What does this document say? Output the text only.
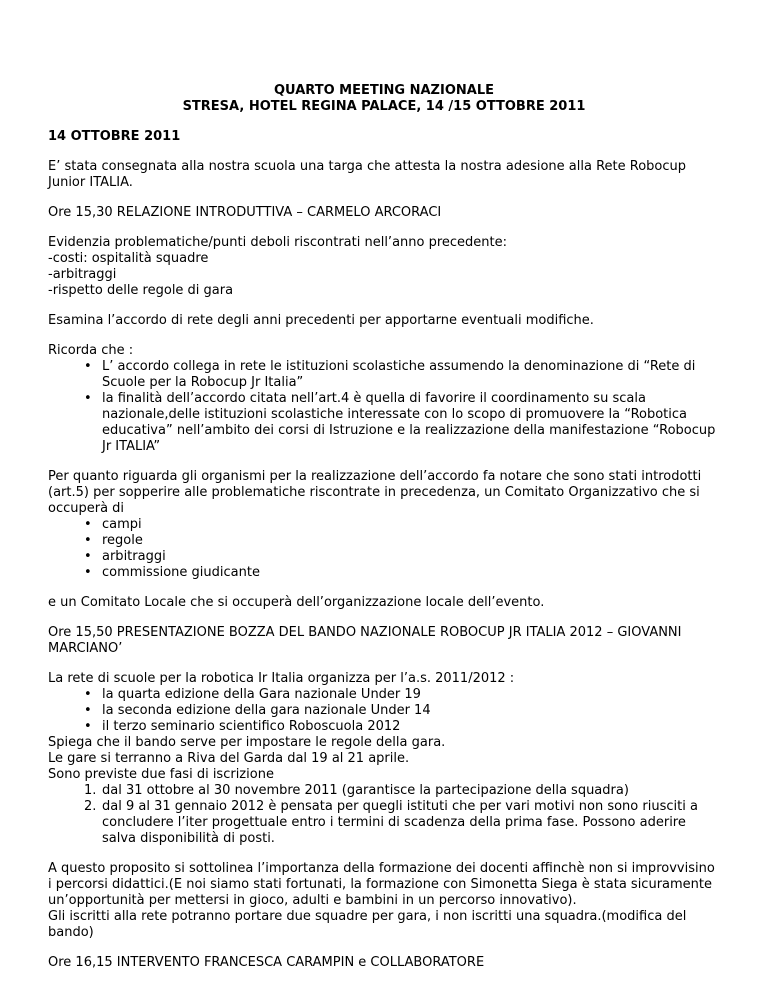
QUARTO MEETING NAZIONALE
STRESA, HOTEL REGINA PALACE, 14 /15 OTTOBRE 2011

14 OTTOBRE 2011

E’ stata consegnata alla nostra scuola una targa che attesta la nostra adesione alla Rete Robocup Junior ITALIA.

Ore 15,30 RELAZIONE INTRODUTTIVA – CARMELO ARCORACI

Evidenzia problematiche/punti deboli riscontrati nell’anno precedente:
-costi: ospitalità squadre
-arbitraggi
-rispetto delle regole di gara

Esamina l’accordo di rete degli anni precedenti per apportarne eventuali modifiche.

Ricorda che :

• L’ accordo collega in rete le istituzioni scolastiche assumendo la denominazione di “Rete di Scuole per la Robocup Jr Italia”
• la finalità dell’accordo citata nell’art.4 è quella di favorire il coordinamento su scala nazionale,delle istituzioni scolastiche interessate con lo scopo di promuovere la “Robotica educativa” nell’ambito dei corsi di Istruzione e la realizzazione della manifestazione “Robocup Jr ITALIA”

Per quanto riguarda gli organismi per la realizzazione dell’accordo fa notare che sono stati introdotti (art.5) per sopperire alle problematiche riscontrate in precedenza, un Comitato Organizzativo che si occuperà di

• campi
• regole
• arbitraggi
• commissione giudicante

e un Comitato Locale che si occuperà dell’organizzazione locale dell’evento.

Ore 15,50 PRESENTAZIONE BOZZA DEL BANDO NAZIONALE ROBOCUP JR ITALIA 2012 – GIOVANNI MARCIANO’

La rete di scuole per la robotica Ir Italia organizza per l’a.s. 2011/2012 :
• la quarta edizione della Gara nazionale Under 19
• la seconda edizione della gara nazionale Under 14
• il terzo seminario scientifico Roboscuola 2012
Spiega che il bando serve per impostare le regole della gara.
Le gare si terranno a Riva del Garda dal 19 al 21 aprile.
Sono previste due fasi di iscrizione
1. dal 31 ottobre al 30 novembre 2011 (garantisce la partecipazione della squadra)
2. dal 9 al 31 gennaio 2012 è pensata per quegli istituti che per vari motivi non sono riusciti a concludere l’iter progettuale entro i termini di scadenza della prima fase. Possono aderire salva disponibilità di posti.
A questo proposito si sottolinea l’importanza della formazione dei docenti affinchè non si improvvisino i percorsi didattici.(E noi siamo stati fortunati, la formazione con Simonetta Siega è stata sicuramente un’opportunità per mettersi in gioco, adulti e bambini in un percorso innovativo).
Gli iscritti alla rete potranno portare due squadre per gara, i non iscritti una squadra.(modifica del bando)

Ore 16,15 INTERVENTO FRANCESCA CARAMPIN e COLLABORATORE
